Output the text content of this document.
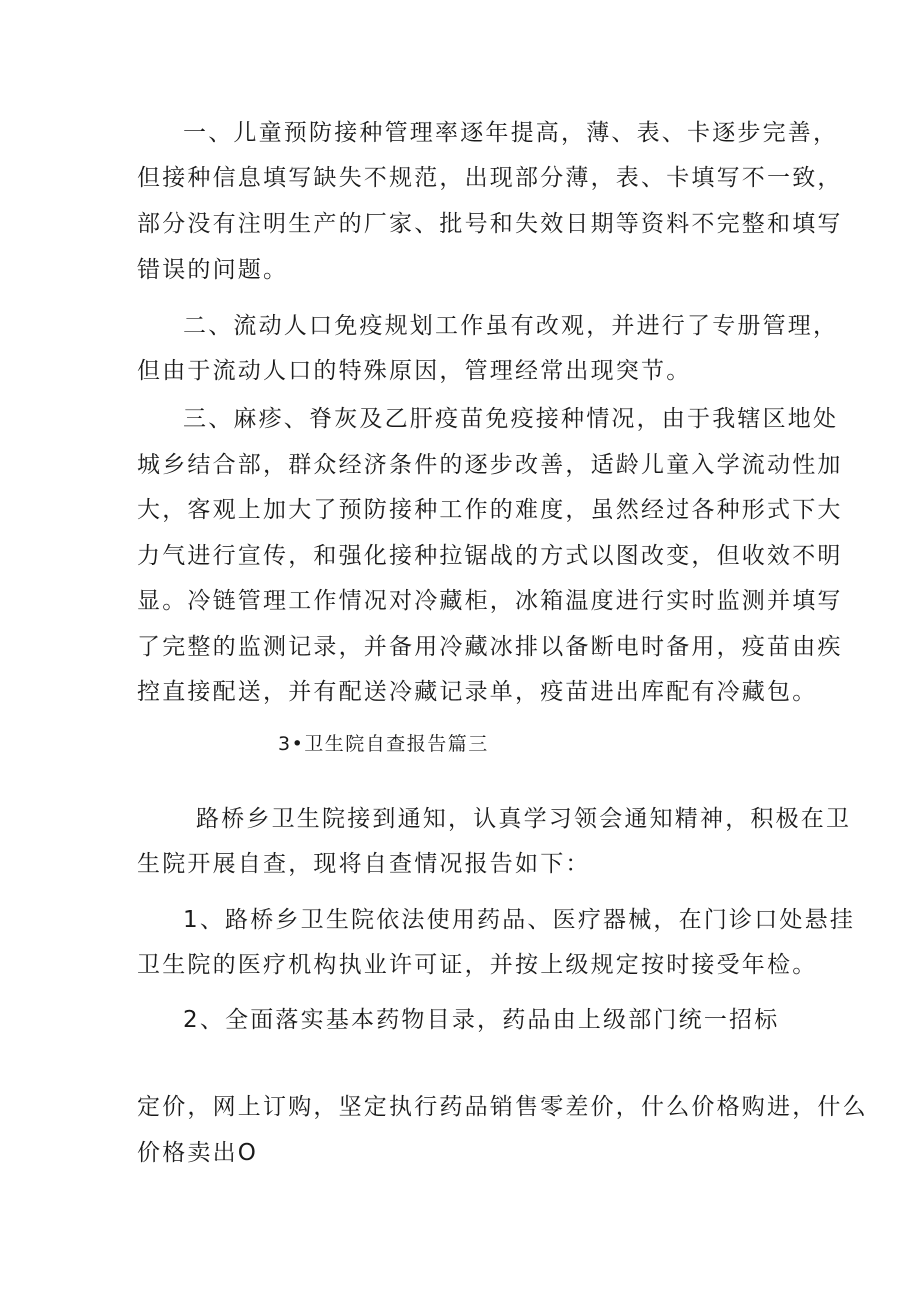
一、儿童预防接种管理率逐年提高，薄、表、卡逐步完善，
但接种信息填写缺失不规范，出现部分薄，表、卡填写不一致，
部分没有注明生产的厂家、批号和失效日期等资料不完整和填写
错误的问题。
二、流动人口免疫规划工作虽有改观，并进行了专册管理，
但由于流动人口的特殊原因，管理经常出现突节。
三、麻疹、脊灰及乙肝疫苗免疫接种情况，由于我辖区地处
城乡结合部，群众经济条件的逐步改善，适龄儿童入学流动性加
大，客观上加大了预防接种工作的难度，虽然经过各种形式下大
力气进行宣传，和强化接种拉锯战的方式以图改变，但收效不明
显。冷链管理工作情况对冷藏柜，冰箱温度进行实时监测并填写
了完整的监测记录，并备用冷藏冰排以备断电时备用，疫苗由疾
控直接配送，并有配送冷藏记录单，疫苗进出库配有冷藏包。
3•卫生院自查报告篇三
路桥乡卫生院接到通知，认真学习领会通知精神，积极在卫
生院开展自查，现将自查情况报告如下：
1、路桥乡卫生院依法使用药品、医疗器械，在门诊口处悬挂
卫生院的医疗机构执业许可证，并按上级规定按时接受年检。
2、全面落实基本药物目录，药品由上级部门统一招标
定价，网上订购，坚定执行药品销售零差价，什么价格购进，什么
价格卖出O
